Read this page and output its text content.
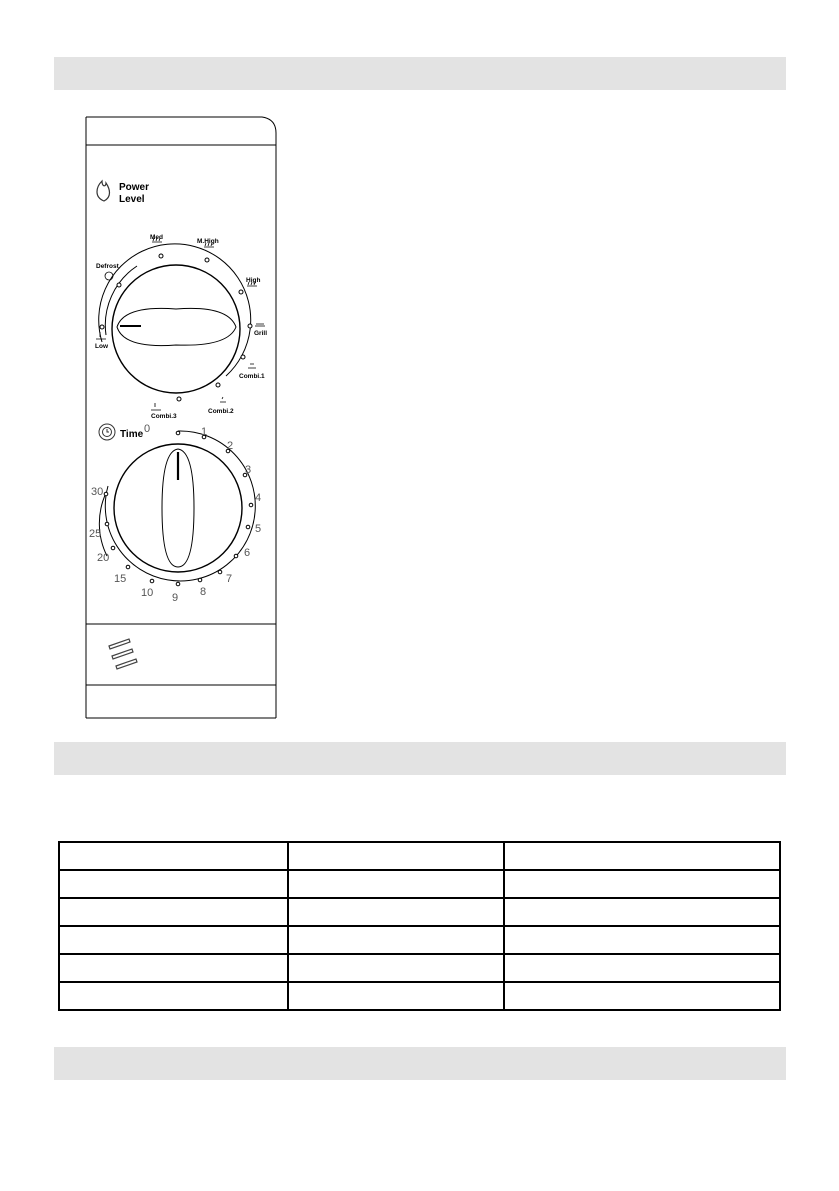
Power
Level
Med
M.High
High
Defrost
Grill
Low
Combi.1
Combi.2
Combi.3
Time 0	1
2
3
4
5
6
7
8
9
10
15
20
25
30
